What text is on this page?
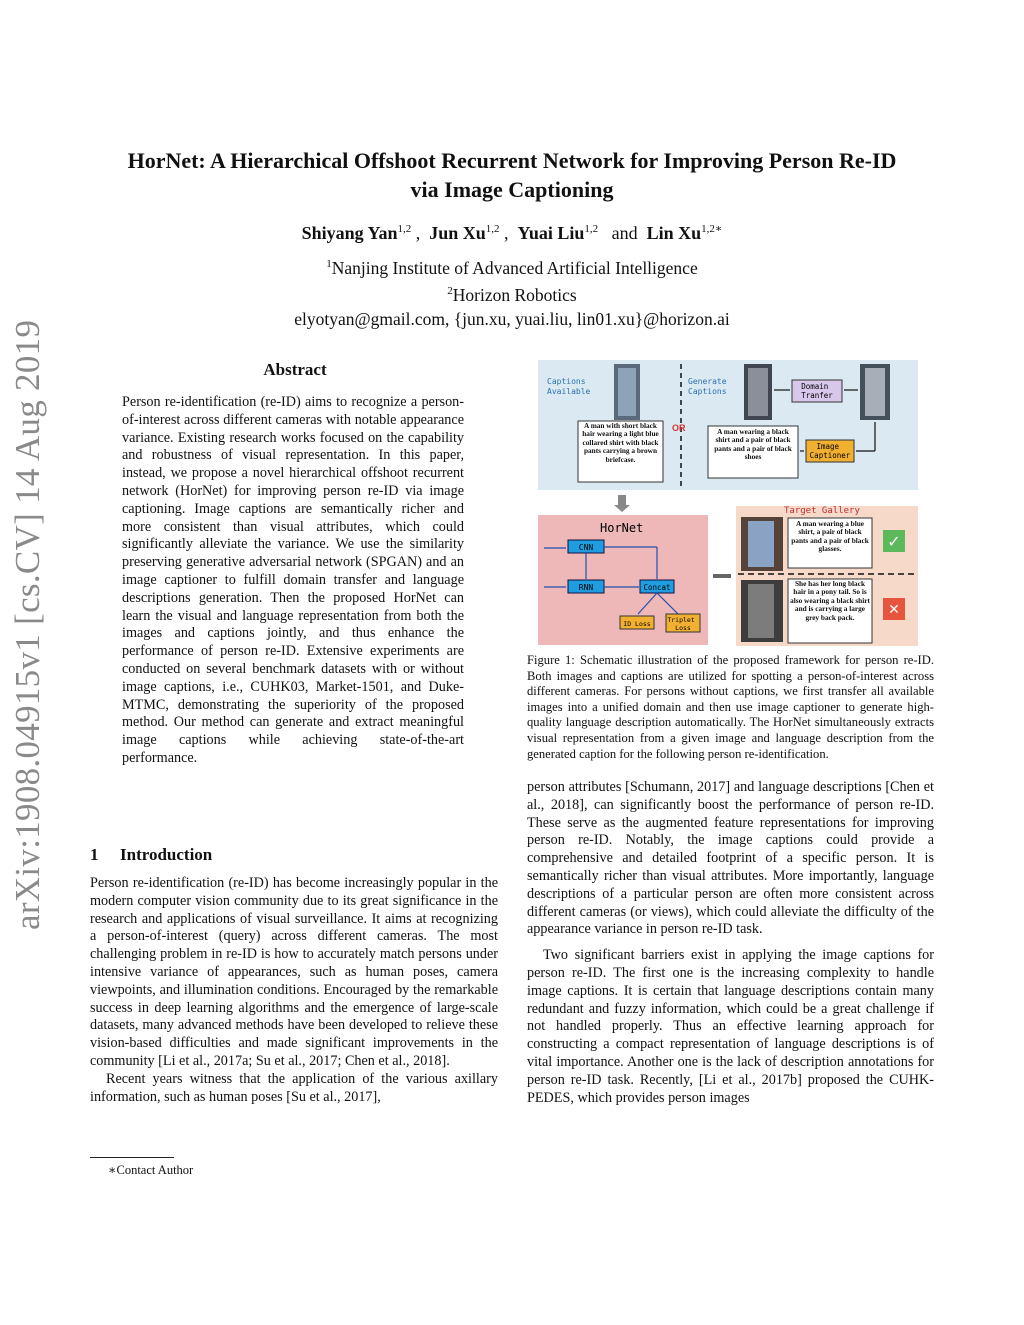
HorNet: A Hierarchical Offshoot Recurrent Network for Improving Person Re-ID
via Image Captioning
Shiyang Yan$^{1,2}$ ,  Jun Xu$^{1,2}$ ,  Yuai Liu$^{1,2}$ and Lin $Xu^{1,2∗}$
$^1$Nanjing Institute of Advanced Artificial Intelligence
$^2$Horizon Robotics
elyotyan@gmail.com, {jun.xu, yuai.liu, lin01.xu}@horizon.ai
arXiv:1908.04915v1 [cs.CV] 14 Aug 2019	Abstract
Person re-identification (re-ID) aims to recognize a person-of-interest across different cameras with notable appearance variance. Existing research works focused on the capability and robustness of visual representation. In this paper, instead, we propose a novel hierarchical offshoot recurrent network (HorNet) for improving person re-ID via image captioning. Image captions are semantically richer and more consistent than visual attributes, which could significantly alleviate the variance. We use the similarity preserving generative adversarial network (SPGAN) and an image captioner to fulfill domain transfer and language descriptions generation. Then the proposed HorNet can learn the visual and language representation from both the images and captions jointly, and thus enhance the performance of person re-ID. Extensive experiments are conducted on several benchmark datasets with or without image captions, i.e., CUHK03, Market-1501, and Duke-MTMC, demonstrating the superiority of the proposed method. Our method can generate and extract meaningful image captions while achieving state-of-the-art performance.
1 Introduction

Person re-identification (re-ID) has become increasingly popular in the modern computer vision community due to its great significance in the research and applications of visual surveillance. It aims at recognizing a person-of-interest (query) across different cameras. The most challenging problem in re-ID is how to accurately match persons under intensive variance of appearances, such as human poses, camera viewpoints, and illumination conditions. Encouraged by the remarkable success in deep learning algorithms and the emergence of large-scale datasets, many advanced methods have been developed to relieve these vision-based difficulties and made significant improvements in the community [Li et al., 2017a; Su et al., 2017; Chen et al., 2018].

Recent years witness that the application of the various axillary information, such as human poses [Su et al., 2017],

∗Contact Author
Captions Available
A man with short black hair wearing a light blue collared shirt with black pants carrying a brown briefcase.
OR
Generate Captions
Domain Tranfer
A man wearing a black shirt and a pair of black pants and a pair of black shoes
Image Captioner
HorNet
CNN
RNN	Concat
ID Loss	Triplet Loss
Target Gallery
A man wearing a blue shirt, a pair of black pants and a pair of black glasses.	✓
She has her long black hair in a pony tail. So is also wearing a black shirt and is carrying a large grey back pack.	✕
Figure 1: Schematic illustration of the proposed framework for person re-ID. Both images and captions are utilized for spotting a person-of-interest across different cameras. For persons without captions, we first transfer all available images into a unified domain and then use image captioner to generate high-quality language description automatically. The HorNet simultaneously extracts visual representation from a given image and language description from the generated caption for the following person re-identification.

person attributes [Schumann, 2017] and language descriptions [Chen et al., 2018], can significantly boost the performance of person re-ID. These serve as the augmented feature representations for improving person re-ID. Notably, the image captions could provide a comprehensive and detailed footprint of a specific person. It is semantically richer than visual attributes. More importantly, language descriptions of a particular person are often more consistent across different cameras (or views), which could alleviate the difficulty of the appearance variance in person re-ID task.

Two significant barriers exist in applying the image captions for person re-ID. The first one is the increasing complexity to handle image captions. It is certain that language descriptions contain many redundant and fuzzy information, which could be a great challenge if not handled properly. Thus an effective learning approach for constructing a compact representation of language descriptions is of vital importance. Another one is the lack of description annotations for person re-ID task. Recently, [Li et al., 2017b] proposed the CUHK-PEDES, which provides person images
